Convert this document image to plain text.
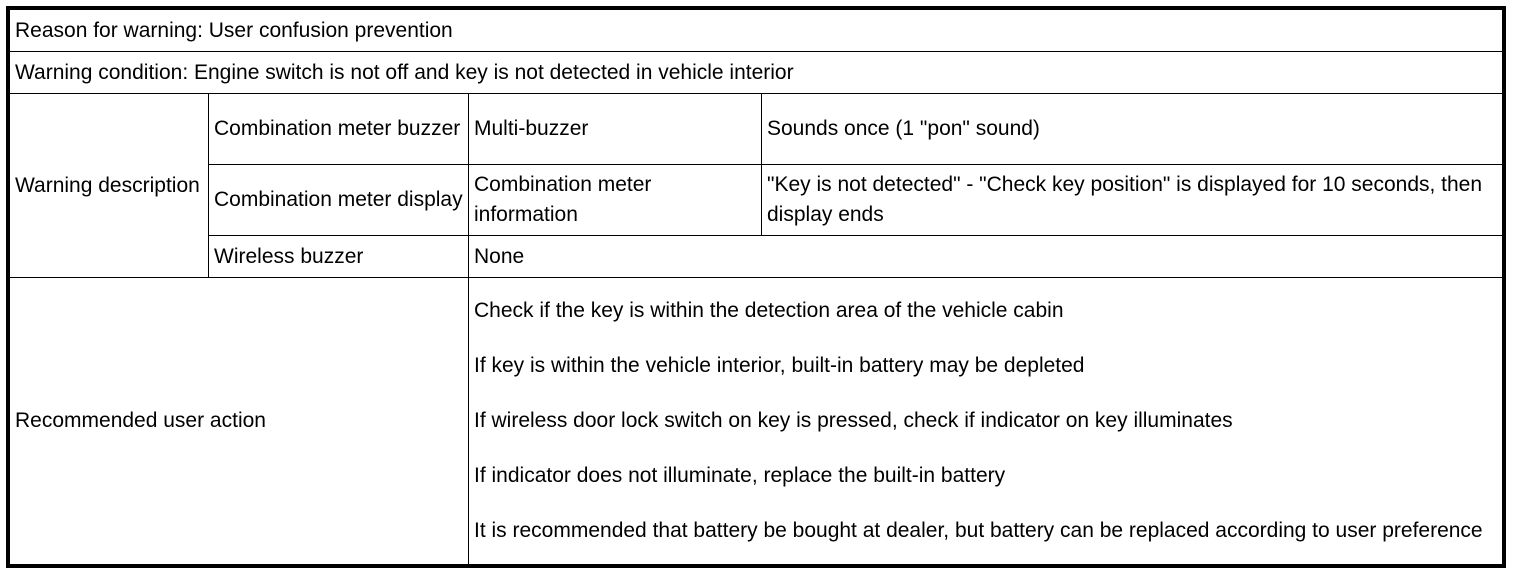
Reason for warning: User confusion prevention			
Warning condition: Engine switch is not off and key is not detected in vehicle interior			
Warning description	Combination meter buzzer	Multi-buzzer	Sounds once (1 "pon" sound)
	Combination meter display	Combination meter information	"Key is not detected" - "Check key position" is displayed for 10 seconds, then display ends
	Wireless buzzer	None	
Recommended user action		Check if the key is within the detection area of the vehicle cabin

If key is within the vehicle interior, built-in battery may be depleted

If wireless door lock switch on key is pressed, check if indicator on key illuminates

If indicator does not illuminate, replace the built-in battery

It is recommended that battery be bought at dealer, but battery can be replaced according to user preference	
